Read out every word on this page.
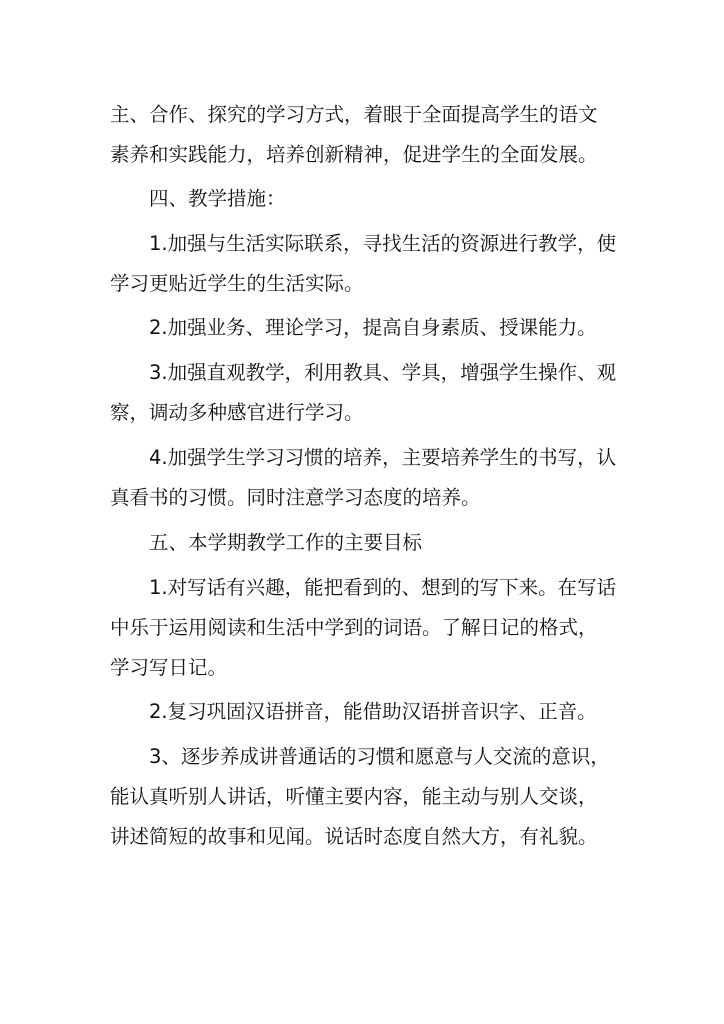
主、合作、探究的学习方式，着眼于全面提高学生的语文
素养和实践能力，培养创新精神，促进学生的全面发展。
四、教学措施：
1.加强与生活实际联系，寻找生活的资源进行教学，使
学习更贴近学生的生活实际。
2.加强业务、理论学习，提高自身素质、授课能力。
3.加强直观教学，利用教具、学具，增强学生操作、观
察，调动多种感官进行学习。
4.加强学生学习习惯的培养，主要培养学生的书写，认
真看书的习惯。同时注意学习态度的培养。
五、本学期教学工作的主要目标
1.对写话有兴趣，能把看到的、想到的写下来。在写话
中乐于运用阅读和生活中学到的词语。了解日记的格式，
学习写日记。
2.复习巩固汉语拼音，能借助汉语拼音识字、正音。
3、逐步养成讲普通话的习惯和愿意与人交流的意识，
能认真听别人讲话，听懂主要内容，能主动与别人交谈，
讲述简短的故事和见闻。说话时态度自然大方，有礼貌。
